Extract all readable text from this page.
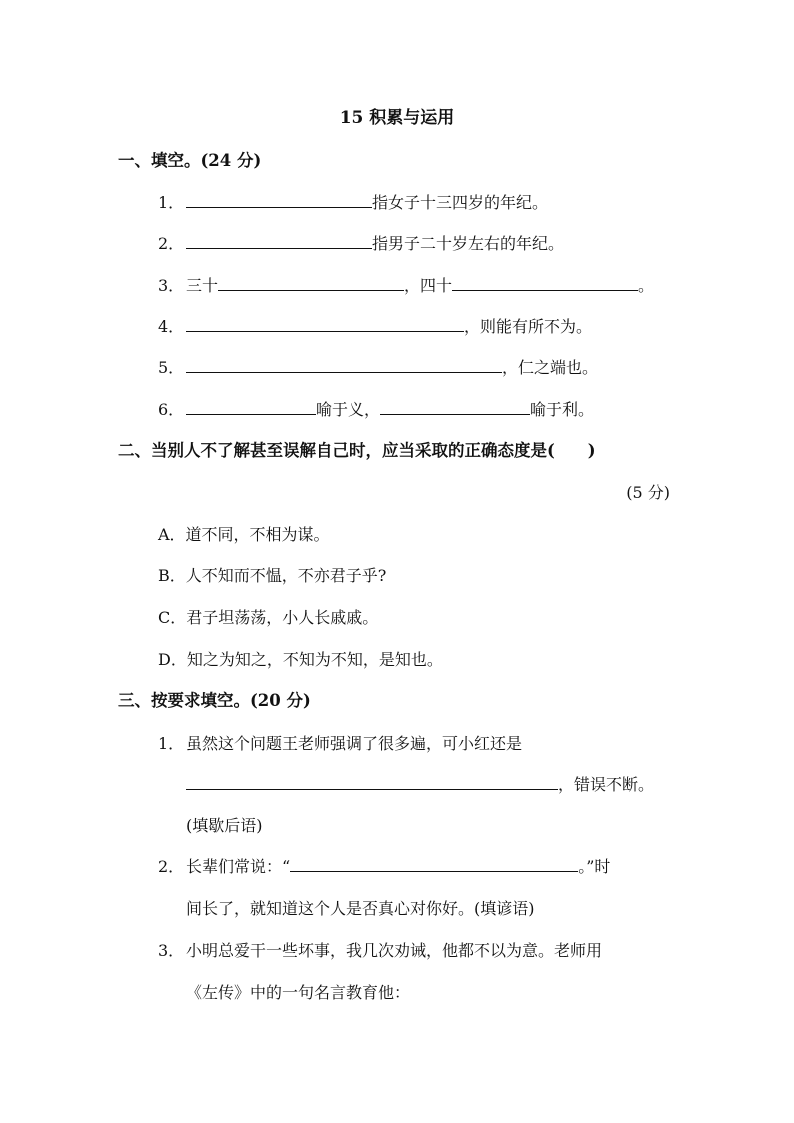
15 积累与运用
一、填空。(24 分)
1．	指女子十三四岁的年纪。
2．	指男子二十岁左右的年纪。
3． 三十	，四十	。
4．	，则能有所不为。
5．	，仁之端也。
6．	喻于义，	喻于利。
二、当别人不了解甚至误解自己时，应当采取的正确态度是(　　)
(5 分)
A．道不同，不相为谋。
B．人不知而不愠，不亦君子乎?
C．君子坦荡荡，小人长戚戚。
D．知之为知之，不知为不知，是知也。
三、按要求填空。(20 分)
1． 虽然这个问题王老师强调了很多遍，可小红还是
，错误不断。
(填歇后语)
2． 长辈们常说：“	。”时
间长了，就知道这个人是否真心对你好。(填谚语)
3． 小明总爱干一些坏事，我几次劝诫，他都不以为意。老师用
《左传》中的一句名言教育他：
